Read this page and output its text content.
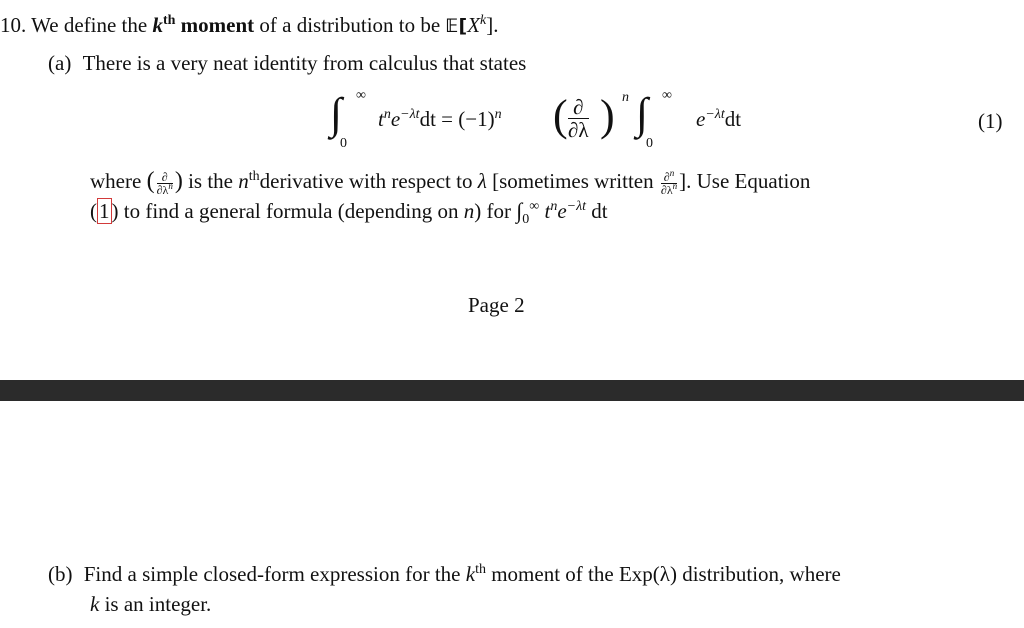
10. We define the $k^{th}$ moment of a distribution to be $𝔼[X^k]$.
(a) There is a very neat identity from calculus that states
∫ ∞
0
$t^ne^{-\lambda t}dt = (-1)^n$ ( ∂
∂λ ) n ∫ ∞
0
$e^{-\lambda t}dt$	(1)
where ( $\frac{\partial}{\partial\lambda^n}$ ) is the $n^{th}derivative$ with respect to λ [sometimes written $\frac{\partial^n}{\partial\lambda^n}$ ]. Use Equation
(1) to find a general formula (depending on n) for $\int_0^\infty$ $t^ne^{-\lambda t}$ dt
Page 2
(b) Find a simple closed-form expression for the $k^{th}$ moment of the Exp(λ) distribution, where
k is an integer.
